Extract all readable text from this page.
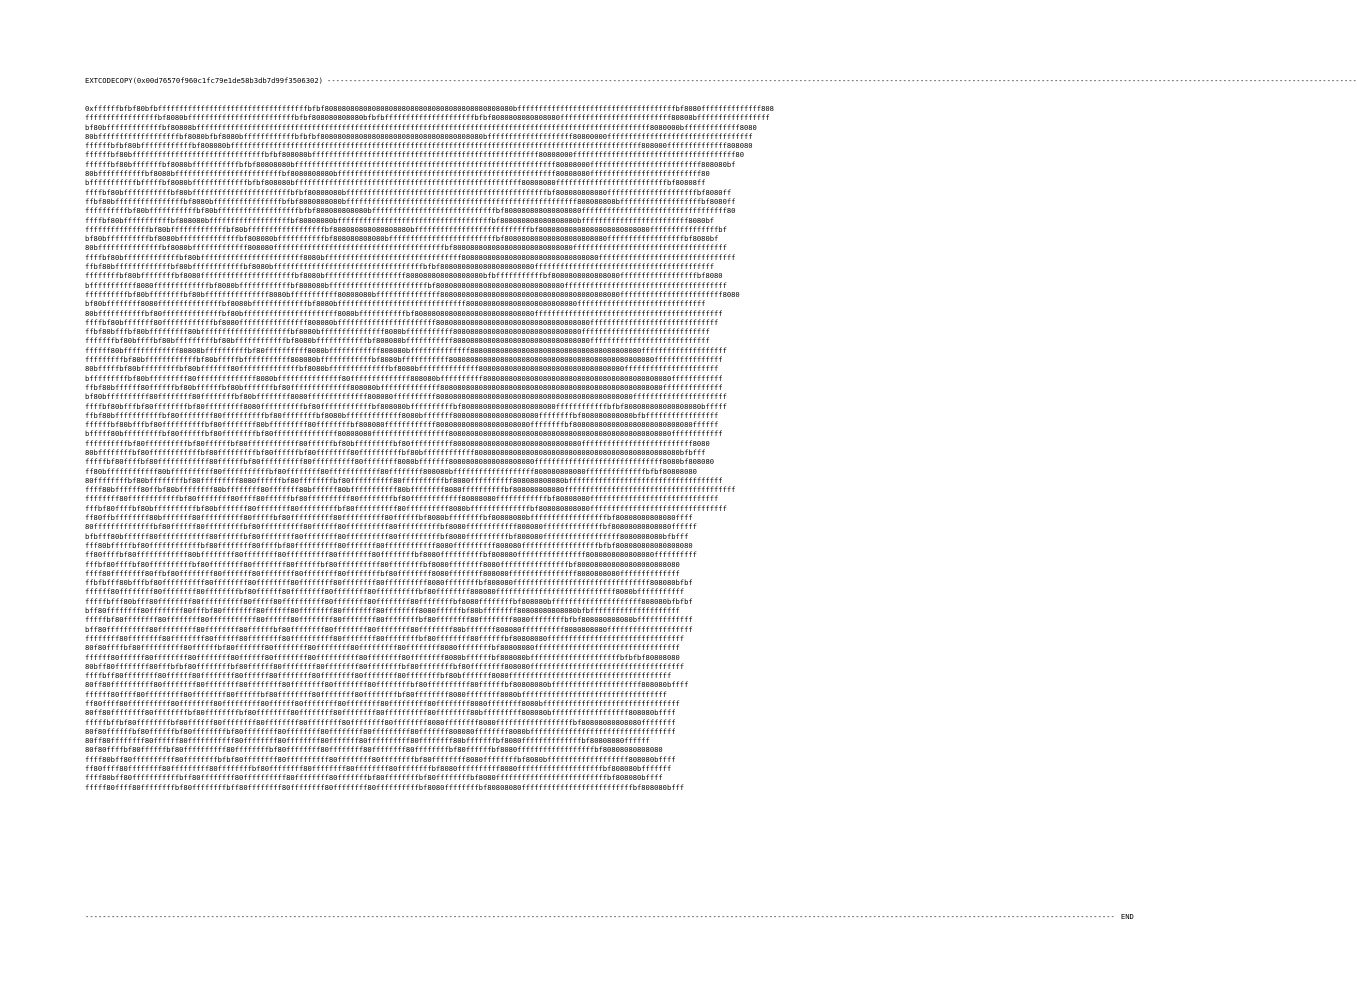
EXTCODECOPY(0x00d76570f960c1fc79e1de58b3db7d99f3506302) ----------------------------------------------------------------------------------------------------------------------------------------------------------------------------------------------------------------------------------------------
0xffffffbfbf80bfbfffffffffffffffffffffffffffffffffffbfbf80808080808080808080808080808080808080808080bfffffffffffffffffffffffffffffffffffffbf8080ffffffffffffff808
fffffffffffffffffbf8080bfffffffffffffffffffffffffbfbf808080808080bfbfbfffffffffffffffffffffbfbf8080808080808080ffffffffffffffffffffffffff80808bfffffffffffffffff
bf80bfffffffffffffbf80808bffffffffffffffffffffffffffffffffffffffffffffffffffffffffffffffffffffffffffffffffffffffffffffffffffffffffff8080000bfffffffffffff8080
80bfffffffffffffffffffbf8080bfbf8080bffffffffffffbfbfbf80808080808080808080808080808080808080bffffffffffffffffffff80800000ffffffffffffffffffffffffffffffffff
ffffffbfbf80bffffffffffffbf808080bffffffffffffffffffffffffffffffffffffffffffffffffffffffffffffffffffffffffffffffffffffffffffffffff808000ffffffffffffff808080
ffffffbf80bfffffffffffffffffffffffffffffffbfbf808080bfffffffffffffffffffffffffffffffffffffffffffffffffffff80808000ffffffffffffffffffffffffffffffffffffff80
ffffffbf80bfffffffbf8080bfffffffffffbfbf80808080bfffffffffffffffffffffffffffffffffffffffffffffffffffffffffffff80808000ffffffffffffffffffffffffff808080bf
80bfffffffffffbf8080bfffffffffffffffffffffffffbf8080808080bfffffffffffffffffffffffffffffffffffffffffffffffffff80808080ffffffffffffffffffffffffff80
bfffffffffffbfffffbf8080bfffffffffffffbfbf808080bfffffffffffffffffffffffffffffffffffffffffffffffffffff80808080ffffffffffffffffffffffffffbf80808ff
ffffbf80bfffffffffffbf80bfffffffffffffffffffffffbfbf80808080bfffffffffffffffffffffffffffffffffffffffffffffffbf808080808080fffffffffffffffffffffbf8080ff
ffbf80bffffffffffffffffbf8080bffffffffffffffffbfbf8080808080bffffffffffffffffffffffffffffffffffffffffffffffffffffff808080808bfffffffffffffffffffbf8080ff
ffffffffffbf80bfffffffffffbf80bfffffffffffffffffffbfbf808080808080bfffffffffffffffffffffffffffffbf808080808080808080ffffffffffffffffffffffffffffffffff80
ffffbf80bfffffffffffbf808080bfffffffffffffffffffbf80808080bffffffffffffffffffffffffffffffffffffbf808080808080808080bfffffffffffffffffffffffff8080bf
fffffffffffffffbf80bfffffffffffffbf80bffffffffffffffffffbf808080808080808080bfffffffffffffffffffffffffffbf80808080808080808080808080ffffffffffffffffbf
bf80bffffffffffbf8080bffffffffffffffbf808080bfffffffffffbf808080808080bfffffffffffffffffffffffffbf808080808080808080808080ffffffffffffffffffbf8080bf
80bfffffffffffffffbf8080bfffffffffffff808080ffffffffffffffffffffffffffffffffffffffffbf8080808080808080808080808080ffffffffffffffffffffffffffffffffffff
ffffbf80bfffffffffffffbf80bffffffffffffffffffffffff8080bffffffffffffffffffffffffffffffff80808080808080808080808080808080ffffffffffffffffffffffffffffffff
ffbf80bfffffffffffffbf80bffffffffffffbf8080bfffffffffffffffffffffffffffffffffffbfbf8080808080808080808080ffffffffffffffffffffffffffffffffffffffffff
ffffffffbf80bffffffffbf8080ffffffffffffffffffffffbf8080bfffffffffffffffffff808080808080808080bfbfffffffffffbf8080808080808080ffffffffffffffffffbf8080
bfffffffffff8080fffffffffffffbf8080bffffffffffffbf808080bfffffffffffffffffffffffbf808080808080808080808080808080ffffffffffffffffffffffffffffffffffffff
ffffffffffbf80bffffffffbf80bfffffffffffffff8080bfffffffffff80808080bfffffffffffffff808080808080808080808080808080808080808080ffffffffffffffffffffffff8080
bf80bffffffff8080fffffffffffffffbf8080bfffffffffffffbf8080bffffffffffffffffffffffffffffff80808080808080808080808080ffffffffffffffffffffffffffffff
80bfffffffffffbf80ffffffffffffffbf80bffffffffffffffffffffff8080bfffffffffffbf8080808080808080808080808080ffffffffffffffffffffffffffffffffffffffffffff
ffffbf80bfffffff80ffffffffffffbf8080ffffffffffffffff808080bfffffffffffffffffffffff808080808080808080808080808080808080ffffffffffffffffffffffffffffff
ffbf80bfffbf80bfffffffff80bfffffffffffffffffffffbf8080bfffffffffffffff8080bfffffffffff808080808080808080808080808080ffffffffffffffffffffffffffffff
fffffffbf80bffffbf80bfffffffffbf80bffffffffffffbf8080bffffffffffffbf808080bfffffffffff80808080808080808080808080808080ffffffffffffffffffffffffffff
ffffff80bfffffffffffff80808bffffffffffbf80ffffffffff8080bffffffffffff808080bffffffffffffff8080808080808080808080808080808080808080ffffffffffffffffffff
fffffffffbf80bffffffffffffbf80bfffffbfffffffffff808080bffffffffffffbf8080bfffffffffff808080808080808080808080808080808080808080808080ffffffffffffffff
80bfffffbf80bfffffffffbf80bfffffff80ffffffffffffffbf8080bffffffffffffffbf8080bffffffffffffff8080808080808080808080808080808080ffffffffffffffffffffff
bfffffffffbf80bfffffffff80ffffffffffffff8080bfffffffffffffff80ffffffffffffff808080bffffffffff80808080808080808080808080808080808080808080ffffffffffff
ffbf80bffffff80ffffffbf80bffffffbf80bfffffffbf80ffffffffffffff808080bffffffffffffff8080808080808080808080808080808080808080808080808080ffffffffffffff
bf80bffffffffff80ffffffff80ffffffffbf80bffffffff8080ffffffffffffff808080ffffffffff8080808080808080808080808080808080808080808080ffffffffffffffffffffff
ffffbf80bfffbf80ffffffffbf80fffffffff8080ffffffffffbf80ffffffffffffbf808080bffffffffffbf8080808080808080808080ffffffffffffbfbf808080808080808080bfffff
ffbf80bfffffffffffbf80ffffffff80ffffffffffbf80ffffffffbf8080bfffffffffffff8080bfffffff80808080808080808080ffffffffbf808080808080bfbfffffffffffffffff
ffffffbf80bfffbf80ffffffffffbf80ffffffff80bfffffffff80ffffffffbf808080ffffffffffff8080808080808080808080ffffffffbf8080808080808080808080808080ffffff
bfffff80bfffffffffbf80ffffffbf80ffffffffbf80fffffffffffffff80808080ffffffffffffffffff8080808080808080808080808080808080808080808080808080ffffffffffff
ffffffffffbf80ffffffffffbf80ffffffbf80ffffffffffff80ffffffbf80bfffffffffbf80ffffffffff808080808080808080808080808080ffffffffffffffffffffffffff8080
80bffffffffbf80ffffffffffffbf80fffffffffbf80ffffffbf80ffffffff80ffffffffffbf80bffffffffffff808080808080808080808080808080808080808080808080bfbfff
fffffbf80ffffbf80ffffffffffff80ffffffbf80ffffffffff80ffffffffff80ffffffff8080bfffffff80808080808080808080ffffffffffffffffffffffffffffff8080bf808080
ff80bffffffffffff80bffffffffff80fffffffffffbf80ffffffff80ffffffffffff80ffffffff808080bfffffffffffffffffff808080808080ffffffffffffffbfbf80808080
80ffffffffbf80bffffffffbf80fffffffff8080ffffffbf80ffffffffbf80ffffffffff80ffffffffffbf8080ffffffffff808080808080bffffffffffffffffffffffffffffffffffff
ffff80bffffff80ffbf80bffffffff80bffffffff80fffffff80bffffff80bfffffffffff80bffffffff8080ffffffffffbf808080808080ffffffffffffffffffffffffffffffffffffffff
ffffffff80ffffffffffffbf80ffffffff80ffff80ffffffbf80ffffffffff80ffffffffbf80ffffffffffff80808080ffffffffffffbf80808080ffffffffffffffffffffffffffffff
fffbf80ffffbf80bffffffffffbf80bfffffff80ffffffff80fffffffffbf80ffffffffff80ffffffffff8080bffffffffffffffbf808080808080ffffffffffffffffffffffffffffffff
ff80ffbffffffff80bfffffff80ffffffffff80fffffbf80ffffffffff80ffffffffff80ffffffbf8080bffffffffbf80808080bffffffffffffffffffbf80808080808080ffff
80ffffffffffffffbf80ffffff80fffffffffbf80ffffffffff80ffffff80ffffffffff80ffffffffffbf8080ffffffffffff808080ffffffffffffffbf80808080808080ffffff
bfbfff80bffffff80ffffffffffff80ffffffbf80ffffffff80ffffffff80ffffffffff80ffffffffffbf8080ffffffffffbf808080ffffffffffffffffff8080808080bfbfff
fff80bfffffbf80ffffffffffffbf80ffffffff80ffffbf80ffffffffff80fffffff80ffffffffffff8080ffffffffff808080ffffffffffffffffffbfbf808080808080808080
ff80ffffbf80ffffffffffff80bffffffff80ffffffff80ffffffffff80ffffffff80ffffffffbf8080ffffffffffbf808080ffffffffffffffff8080808080808080ffffffffff
fffbf80ffffbf80ffffffffffbf80ffffffff80ffffffff80ffffffbf80ffffffffff80ffffffffbf8080ffffffff8080ffffffffffffffffbf808080808080808080808080
ffff80ffffffff80ffbf80ffffffff80fffffff80ffffffff80ffffffff80ffffffffbf80ffffffff8080ffffffff808080ffffffffffffffff8080808080ffffffffffffff
ffbfbfff80bfffbf80ffffffffff80ffffffff80ffffffff80ffffffff80ffffffff80ffffffffff8080ffffffffbf808080ffffffffffffffffffffffffffffffff808080bfbf
ffffff80ffffffff80ffffffff80ffffffffbf80ffffff80ffffffff80ffffffff80ffffffffffbf80ffffffff808080ffffffffffffffffffffffffffff8080bfffffffffff
fffffbfff80bfff80ffffffff80ffffffffff80fffff80ffffffffff80ffffffff80ffffffff80ffffffffbf8080ffffffffbf808080bfffffffffffffffffffff808080bfbfbf
bff80ffffffff80ffffffff80fffbf80ffffffff80ffffff80ffffffff80ffffffff80ffffffff8080ffffffbf80bffffffff80808080808080bfbfffffffffffffffffffff
fffffbf80ffffffff80ffffffff80fffffffffff80ffffff80ffffffff80ffffffff80ffffffffbf80ffffffff80ffffffff8080ffffffffbfbf808080808080bfffffffffffff
bff80ffffffffff80fffffffff80ffffffff80ffffffbf80ffffffff80ffffffff80ffffffff80ffffffff80bfffffff808080ffffffffff8080808080ffffffffffffffffffff
ffffffff80ffffffff80ffffffff80ffffff80ffffffff80ffffffffff80ffffffff80ffffffffbf80ffffffff80ffffffbf80808080ffffffffffffffffffffffffffffffff
80f80ffffbf80ffffffffff80ffffffbf80fffffff80ffffffff80ffffffff80fffffffff80ffffffff8080ffffffffbf80808080ffffffffffffffffffffffffffffffffff
ffffff80ffffff80ffffffff80ffffffff80ffffff80ffffffff80ffffffffff80ffffffff80ffffffff8080bffffffbf808080bfffffffffffffffffffffbfbfbf80808080
80bff80ffffffff80fffbfbf80ffffffffbf80ffffff80ffffffff80ffffffff80ffffffffbf80ffffffffbf80ffffffff808080ffffffffffffffffffffffffffffffffffff
ffffbff80ffffffff80ffffff80ffffffff80ffffff80ffffffff80ffffffff80ffffffff80ffffffffbf80bfffffff8080ffffffffffffffffffffffffffffffffffffff
80ff80ffffffffff80ffffffff80ffffffff80ffffffff80ffffffff80ffffffff80ffffffffbf80ffffffffff80ffffffbf80808080bfffffffffffffffffffff808080bffff
ffffff80ffff80fffffffff80ffffffff80ffffffbf80ffffffff80ffffffff80ffffffffbf80ffffffff8080ffffffff8080bffffffffffffffffffffffffffffffffff
ff80ffff80ffffffffff80ffffffff80fffffffff80ffffff80ffffffff80ffffffff80fffffffff80ffffffff8080ffffffff8080bffffffffffffffffffffffffffffffff
80ff80ffffffff80ffffffffbf80ffffffffbf80ffffffff80ffffffff80ffffffff80ffffffffff80ffffffff80bfffffffff808080bffffffffffffffffff808080bffff
fffffbffbf80ffffffffbf80ffffff80ffffffff80ffffffff80ffffffff80ffffffff80ffffffff8080ffffffff8080ffffffffffffffffffbf80808080808080ffffffff
80f80ffffffbf80ffffffbf80ffffffffbf80ffffffff80ffffffff80ffffffff80fffffffff80fffffff808080ffffffff8080bffffffffffffffffffffffffffffffffff
80ff80ffffffff80ffffff80fffffffffff80ffffffff80ffffffff80fffffff80ffffffffff80ffffffff80bfffffffbf8080ffffffffffffffbf80808080ffffff
80f80ffffbf80ffffffbf80ffffffffff80ffffffffbf80ffffffff80ffffffff80ffffffff80ffffffffbf80ffffffbf8080ffffffffffffffffffbf80808080808080
ffff80bff80ffffffffff80ffffffffbfbf80ffffffff80ffffffffff80ffffffff80ffffffffbf80ffffffff8080ffffffffbf8080bfffffffffffffffffff808080bffff
ff80ffff80ffffffff80fffffffff80ffffffffbf80ffffffff80ffffffff80ffffffff80ffffffffbf8080ffffffffff8080ffffffffffffffffffffbf808080bfffffff
ffff80bff80fffffffffffbff80ffffffff80ffffffffff80ffffffff80fffffffbf80ffffffffbf80ffffffffbf8080ffffffffffffffffffffffffffbf808080bffff
fffff80ffff80ffffffffbf80ffffffffbff80ffffffff80ffffffff80ffffffff80ffffffffffbf8080ffffffffbf80808080ffffffffffffffffffffffffffbf808080bfff
---------------------------------------------------------------------------------------------------------------------------------------------------------------------------------------------------------------------------------------------- END
